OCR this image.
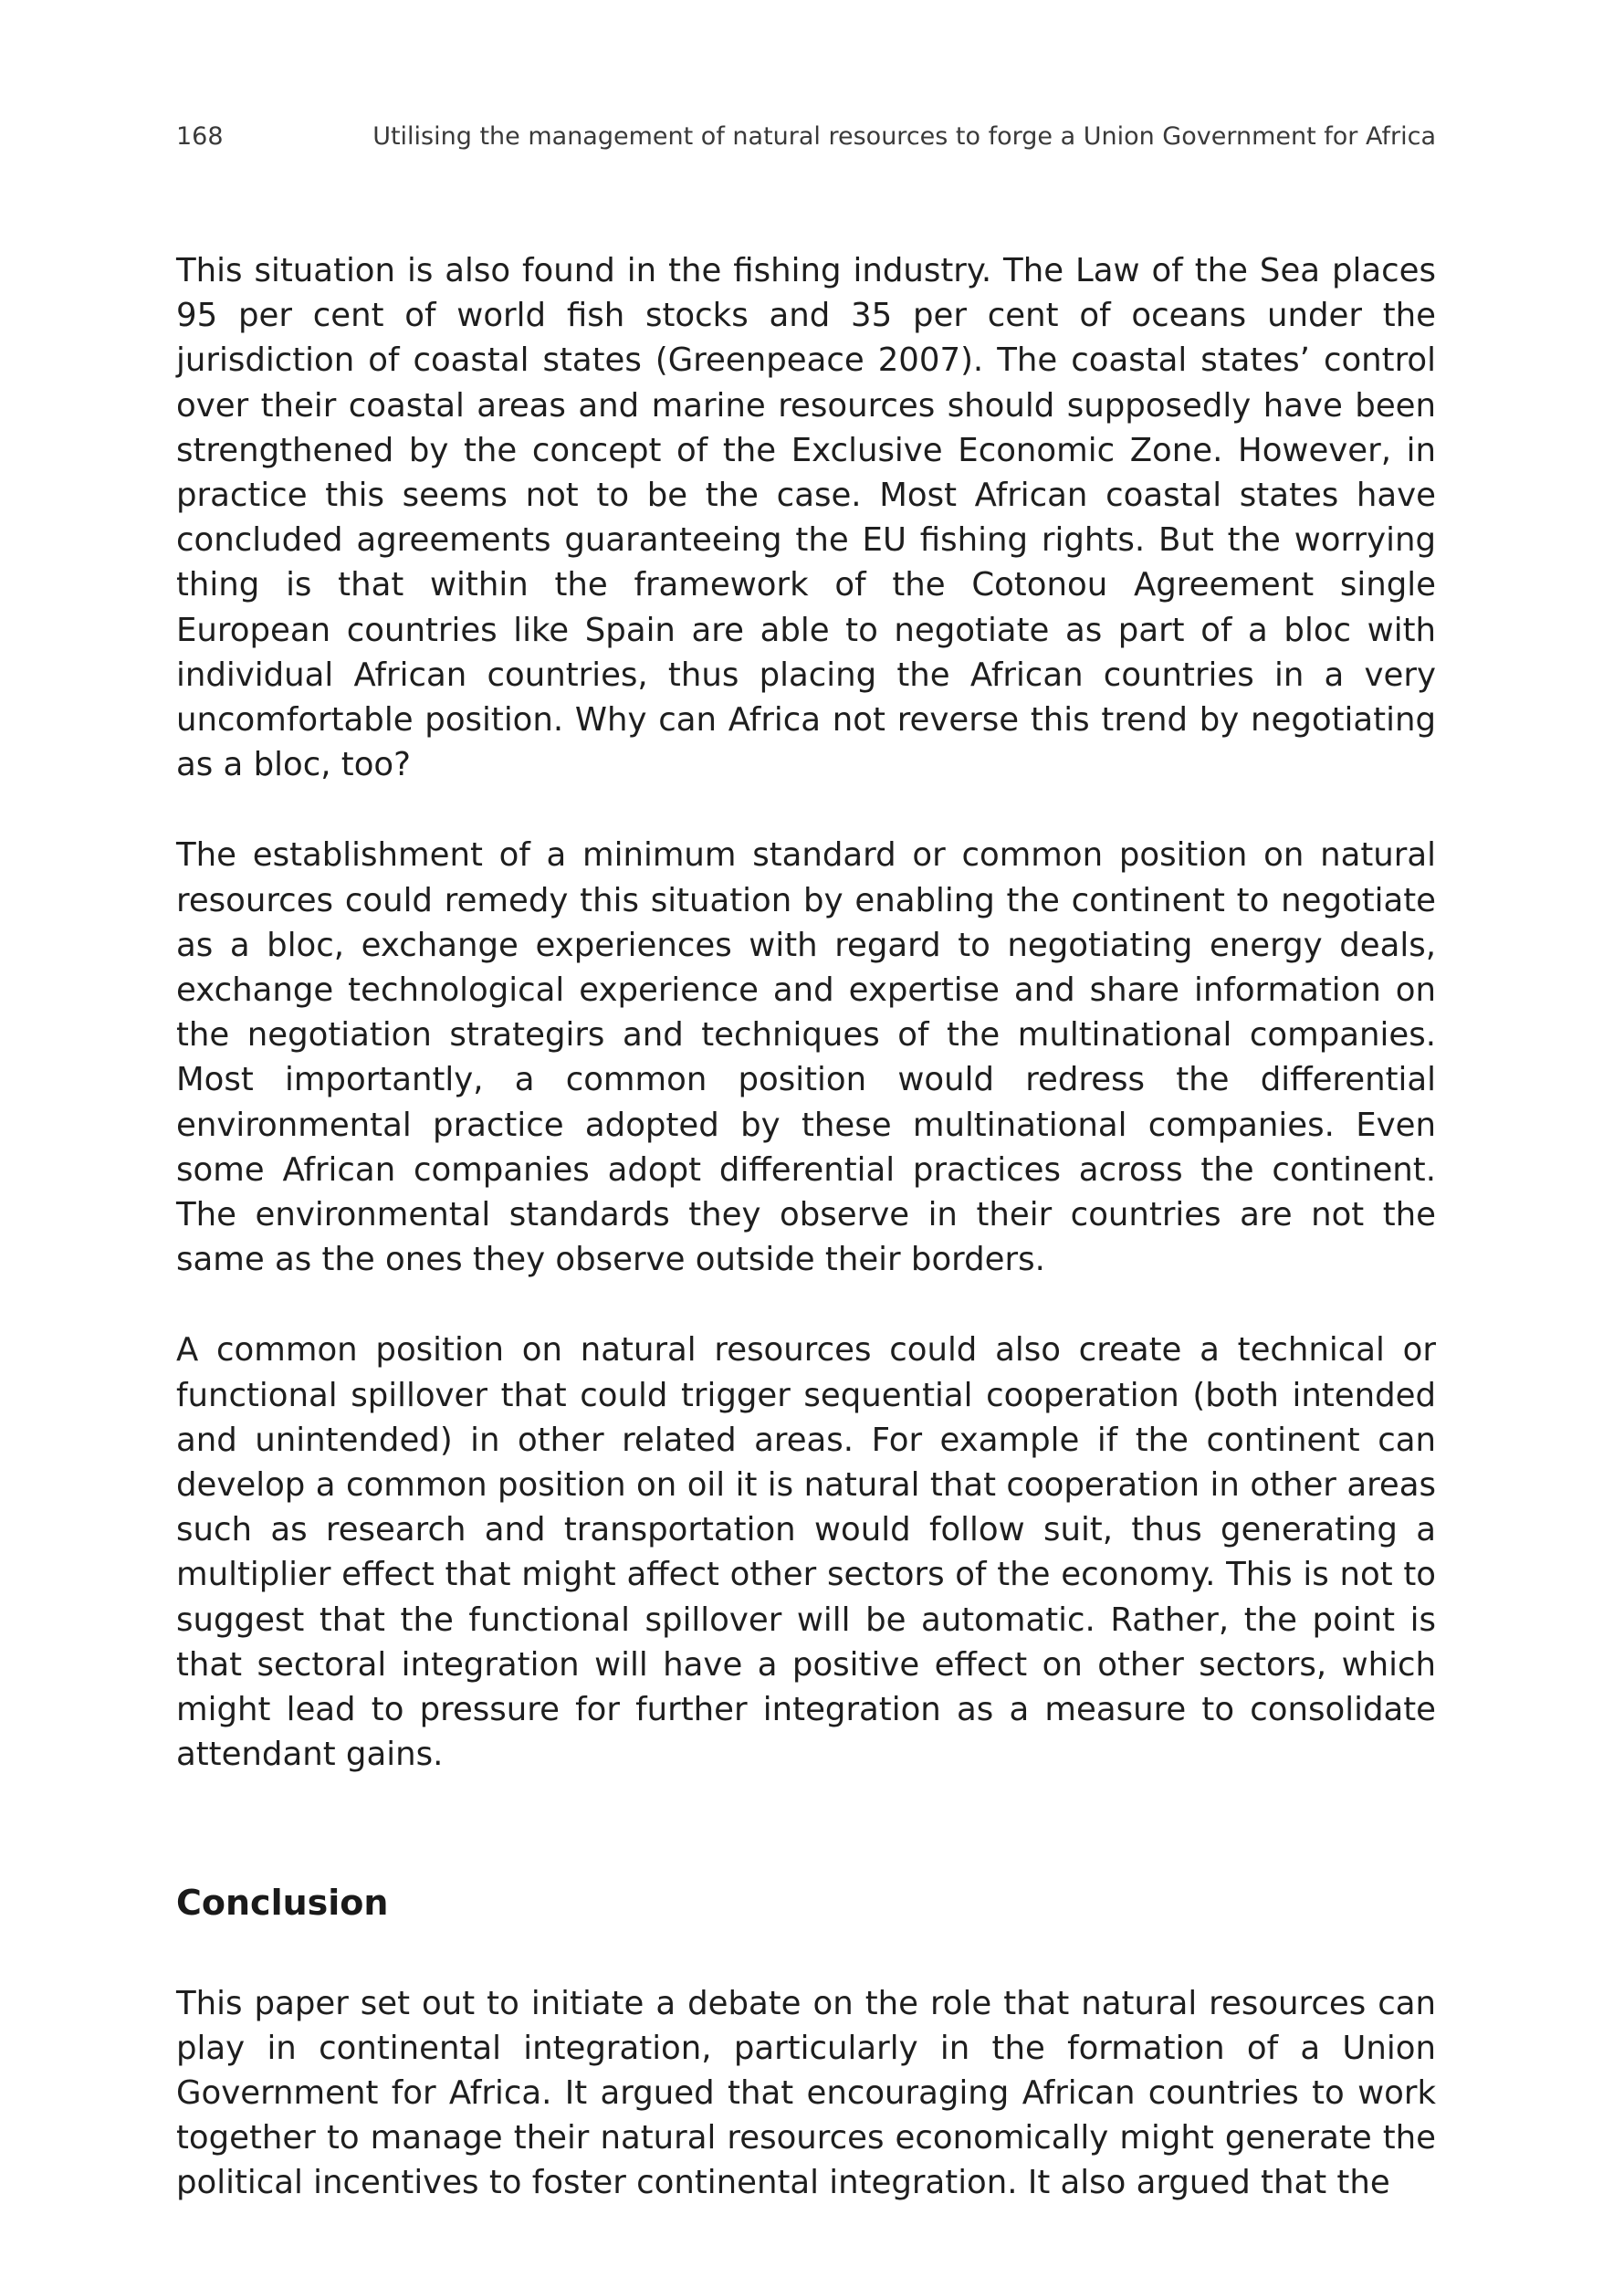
168	Utilising the management of natural resources to forge a Union Government for Africa

This situation is also found in the fishing industry. The Law of the Sea places 95 per cent of world fish stocks and 35 per cent of oceans under the jurisdiction of coastal states (Greenpeace 2007). The coastal states’ control over their coastal areas and marine resources should supposedly have been strengthened by the concept of the Exclusive Economic Zone. However, in practice this seems not to be the case. Most African coastal states have concluded agreements guaranteeing the EU fishing rights. But the worrying thing is that within the framework of the Cotonou Agreement single European countries like Spain are able to negotiate as part of a bloc with individual African countries, thus placing the African countries in a very uncomfortable position. Why can Africa not reverse this trend by negotiating as a bloc, too?

The establishment of a minimum standard or common position on natural resources could remedy this situation by enabling the continent to negotiate as a bloc, exchange experiences with regard to negotiating energy deals, exchange technological experience and expertise and share information on the negotiation strategirs and techniques of the multinational companies. Most importantly, a common position would redress the differential environmental practice adopted by these multinational companies. Even some African companies adopt differential practices across the continent. The environmental standards they observe in their countries are not the same as the ones they observe outside their borders.

A common position on natural resources could also create a technical or functional spillover that could trigger sequential cooperation (both intended and unintended) in other related areas. For example if the continent can develop a common position on oil it is natural that cooperation in other areas such as research and transportation would follow suit, thus generating a multiplier effect that might affect other sectors of the economy. This is not to suggest that the functional spillover will be automatic. Rather, the point is that sectoral integration will have a positive effect on other sectors, which might lead to pressure for further integration as a measure to consolidate attendant gains.

Conclusion

This paper set out to initiate a debate on the role that natural resources can play in continental integration, particularly in the formation of a Union Government for Africa. It argued that encouraging African countries to work together to manage their natural resources economically might generate the political incentives to foster continental integration. It also argued that the
